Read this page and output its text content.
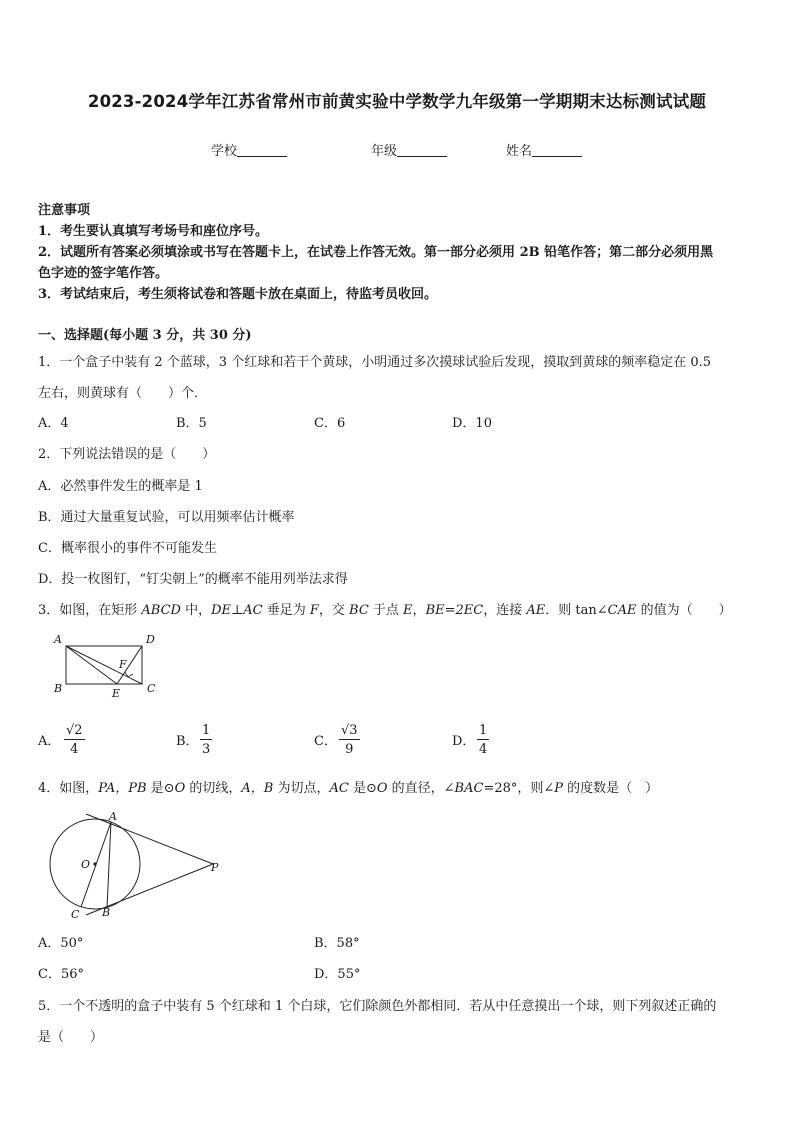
2023-2024学年江苏省常州市前黄实验中学数学九年级第一学期期末达标测试试题
学校	年级	姓名
注意事项
1．考生要认真填写考场号和座位序号。
2．试题所有答案必须填涂或书写在答题卡上，在试卷上作答无效。第一部分必须用 2B 铅笔作答；第二部分必须用黑
色字迹的签字笔作答。
3．考试结束后，考生须将试卷和答题卡放在桌面上，待监考员收回。
一、选择题(每小题 3 分，共 30 分)
1．一个盒子中装有 2 个蓝球，3 个红球和若干个黄球，小明通过多次摸球试验后发现，摸取到黄球的频率稳定在 0.5
左右，则黄球有（　　）个．
A．4	B．5	C．6	D．10
2．下列说法错误的是（　　）
A．必然事件发生的概率是 1
B．通过大量重复试验，可以用频率估计概率
C．概率很小的事件不可能发生
D．投一枚图钉，“钉尖朝上”的概率不能用列举法求得
3．如图，在矩形 ABCD 中，DE⊥AC 垂足为 F，交 BC 于点 E，BE=2EC，连接 AE．则 tan∠CAE 的值为（　　）
A	D
B	C
E
F
A． $\frac{√2}{4}$	B． $\frac{1}{3}$	C． $\frac{√3}{9}$	D． $\frac{1}{4}$
4．如图，PA，PB 是⊙O 的切线，A，B 为切点，AC 是⊙O 的直径，∠BAC=28°，则∠P 的度数是（　）
A
O	P
C B
A．50°	B．58°
C．56°	D．55°
5．一个不透明的盒子中装有 5 个红球和 1 个白球，它们除颜色外都相同．若从中任意摸出一个球，则下列叙述正确的
是（　　）
